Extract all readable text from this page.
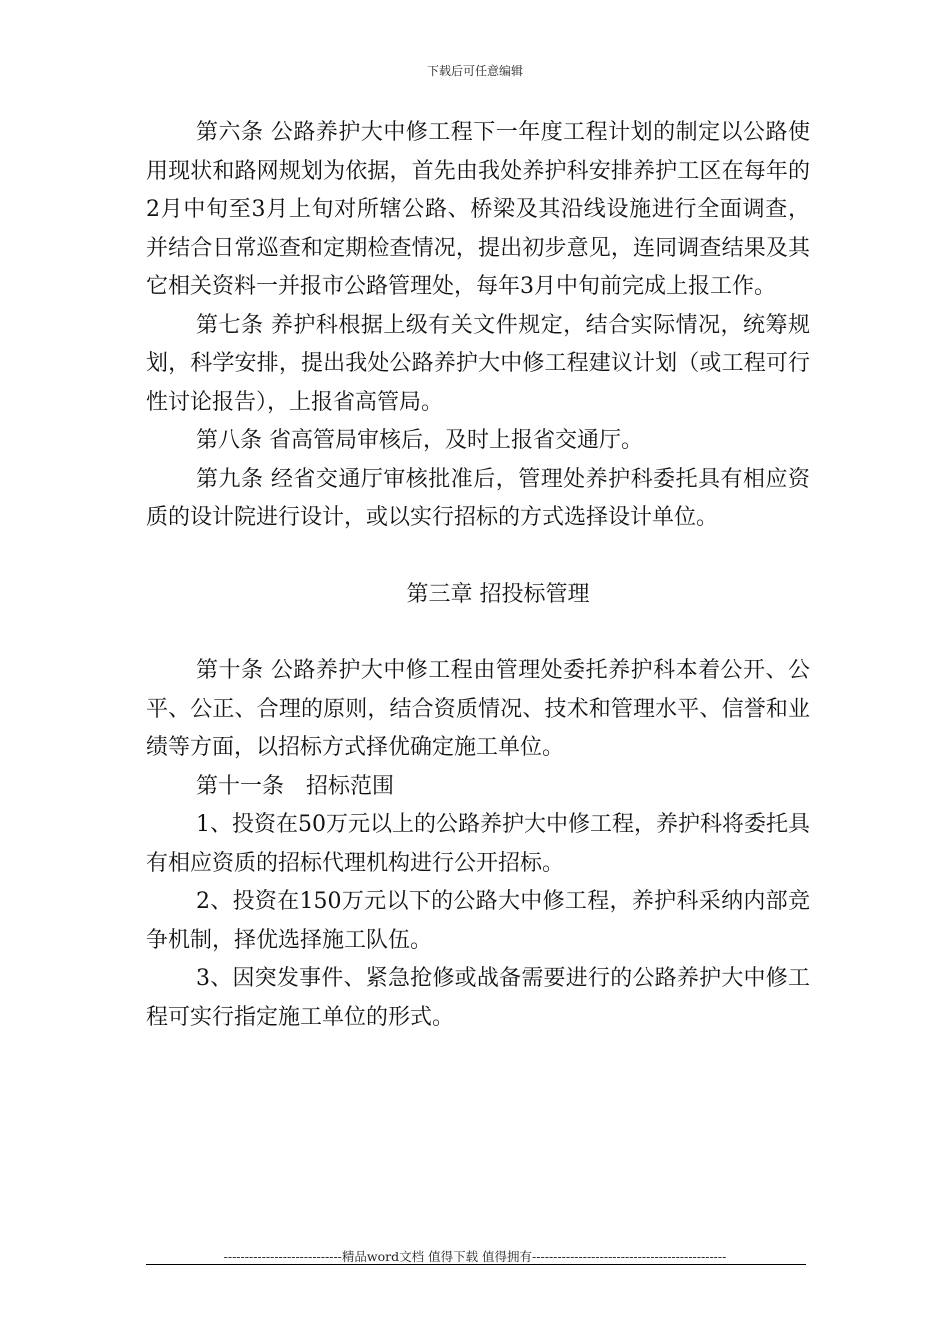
下载后可任意编辑

第六条 公路养护大中修工程下一年度工程计划的制定以公路使用现状和路网规划为依据，首先由我处养护科安排养护工区在每年的2月中旬至3月上旬对所辖公路、桥梁及其沿线设施进行全面调查，并结合日常巡查和定期检查情况，提出初步意见，连同调查结果及其它相关资料一并报市公路管理处，每年3月中旬前完成上报工作。

第七条 养护科根据上级有关文件规定，结合实际情况，统筹规划，科学安排，提出我处公路养护大中修工程建议计划（或工程可行性讨论报告），上报省高管局。

第八条 省高管局审核后，及时上报省交通厅。

第九条 经省交通厅审核批准后，管理处养护科委托具有相应资质的设计院进行设计，或以实行招标的方式选择设计单位。

第三章 招投标管理

第十条 公路养护大中修工程由管理处委托养护科本着公开、公平、公正、合理的原则，结合资质情况、技术和管理水平、信誉和业绩等方面，以招标方式择优确定施工单位。

第十一条　招标范围

1、投资在50万元以上的公路养护大中修工程，养护科将委托具有相应资质的招标代理机构进行公开招标。

2、投资在150万元以下的公路大中修工程，养护科采纳内部竞争机制，择优选择施工队伍。

3、因突发事件、紧急抢修或战备需要进行的公路养护大中修工程可实行指定施工单位的形式。

----------------------------精品word文档 值得下载 值得拥有----------------------------------------------
